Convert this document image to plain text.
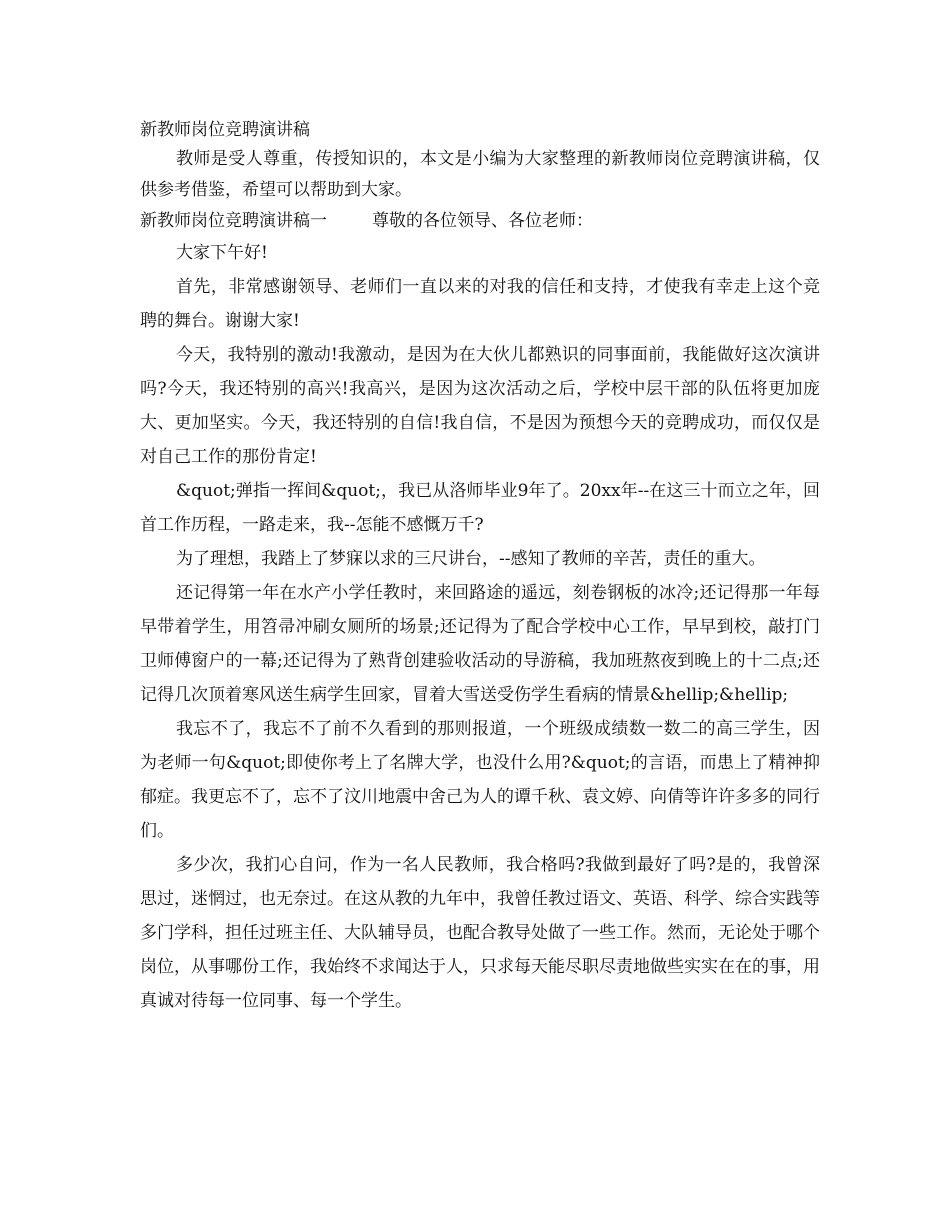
新教师岗位竞聘演讲稿

教师是受人尊重，传授知识的，本文是小编为大家整理的新教师岗位竞聘演讲稿，仅供参考借鉴，希望可以帮助到大家。

新教师岗位竞聘演讲稿一	尊敬的各位领导、各位老师：

大家下午好!

首先，非常感谢领导、老师们一直以来的对我的信任和支持，才使我有幸走上这个竞聘的舞台。谢谢大家!

今天，我特别的激动!我激动，是因为在大伙儿都熟识的同事面前，我能做好这次演讲吗?今天，我还特别的高兴!我高兴，是因为这次活动之后，学校中层干部的队伍将更加庞大、更加坚实。今天，我还特别的自信!我自信，不是因为预想今天的竞聘成功，而仅仅是对自己工作的那份肯定!

&quot;弹指一挥间&quot;，我已从洛师毕业9年了。20xx年--在这三十而立之年，回首工作历程，一路走来，我--怎能不感慨万千?

为了理想，我踏上了梦寐以求的三尺讲台，--感知了教师的辛苦，责任的重大。

还记得第一年在水产小学任教时，来回路途的遥远，刻卷钢板的冰冷;还记得那一年每早带着学生，用笤帚冲刷女厕所的场景;还记得为了配合学校中心工作，早早到校，敲打门卫师傅窗户的一幕;还记得为了熟背创建验收活动的导游稿，我加班熬夜到晚上的十二点;还记得几次顶着寒风送生病学生回家，冒着大雪送受伤学生看病的情景&hellip;&hellip;

我忘不了，我忘不了前不久看到的那则报道，一个班级成绩数一数二的高三学生，因为老师一句&quot;即使你考上了名牌大学，也没什么用?&quot;的言语，而患上了精神抑郁症。我更忘不了，忘不了汶川地震中舍己为人的谭千秋、袁文婷、向倩等许许多多的同行们。

多少次，我扪心自问，作为一名人民教师，我合格吗?我做到最好了吗?是的，我曾深思过，迷惘过，也无奈过。在这从教的九年中，我曾任教过语文、英语、科学、综合实践等多门学科，担任过班主任、大队辅导员，也配合教导处做了一些工作。然而，无论处于哪个岗位，从事哪份工作，我始终不求闻达于人，只求每天能尽职尽责地做些实实在在的事，用真诚对待每一位同事、每一个学生。
